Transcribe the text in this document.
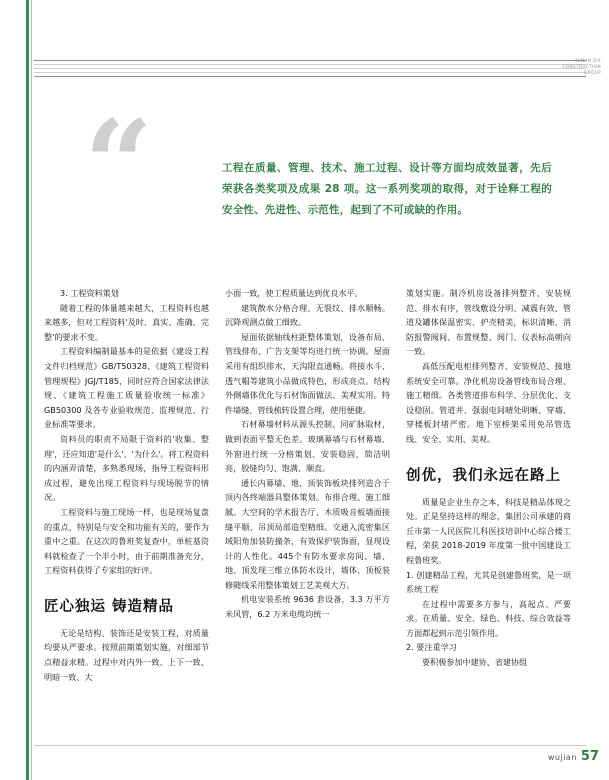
HUNAN SIX
CONSTRUCTION
GROUP
“	工程在质量、管理、技术、施工过程、设计等方面均成效显著，先后荣获各类奖项及成果 28 项。这一系列奖项的取得，对于诠释工程的安全性、先进性、示范性，起到了不可或缺的作用。

3. 工程资料策划

随着工程的体量越来越大，工程资料也越来越多，但对工程资料'及时、真实、准确、完整'的要求不变。

工程资料编制最基本的是依据《建设工程文件归档规范》GB/T50328、《建筑工程资料管理规程》JGJ/T185，同时应符合国家法律法规、《建筑工程施工质量验收统一标准》GB50300 及各专业验收规范、监理规范、行业标准等要求。

资料员的职责不局限于资料的'收集、整理'，还应知道'是什么'、'为什么'。将工程资料的内涵弄清楚，多熟悉现场，指导工程资料形成过程，避免出现工程资料与现场脱节的情况。

工程资料与施工现场一样，也是现场复盘的重点，特别是与安全和功能有关的，要作为重中之重。在这次的鲁班奖复查中，单桩基资料就检查了一个半小时，由于前期准备充分，工程资料获得了专家组的好评。

匠心独运 铸造精品

无论是结构、装饰还是安装工程，对质量均要从严要求。按照前期策划实施，对细部节点精益求精。过程中对内外一致、上下一致、明暗一致、大

小面一致，使工程质量达到优良水平。

建筑散水分格合理、无裂纹、排水顺畅。沉降观测点做工细致。

屋面依据轴线柱距整体策划，设备布局、管线排布、广告支架等均进行统一协调。屋面采用有组织排水，天沟限直通畅。将接水斗、透气帽等建筑小品做成特色，形成亮点。结构外侧墙体优化与石材饰面做法、美观实用。特件墙缝、管线梳转设置合理，使用便捷。

石材幕墙材料从源头控制、同矿脉取材，做到表面平整无色差。玻璃幕墙与石材幕墙、外窗进行统一分格策划、安装稳固，简洁明亮，胶缝均匀、饱满、顺直。

通长内幕墙、地、顶装饰板块排列造合于顶内各终端器具整体策划。布排合理、施工细腻。大空间的学术报告厅、木质吸音板墙面接缝平顺、吊顶局部造型精细。交通入流密集区域阳角加装防撞条，有效保护装饰面，显现设计的人性化。445个有防水要求房间、墙、地、顶发现三维立体防水设计，墙体、顶板装修随线采用整体策划工艺美观大方。

机电安装系统 9636 套设备，3.3 万平方米风管，6.2 万米电缆均统一

策划实施。制冷机房设备排列整齐、安装规范、排水有序，管线敷设分明、减震有效、管道及罐体保温密实、护壳精美，标识清晰、消防报警阀间、布置规整、阀门、仪表标高朝向一致。

高低压配电柜排列整齐、安装规范、接地系统安全可靠。净化机房设备管线布局合理、施工精细。各类管道排布科学、分层优化、支设稳固。管道井、强弱电间晴处明晰、穿墙、穿楼板封堵严密。地下室桥架采用免吊管选线、安全、实用、美观。

创优，我们永远在路上

质量是企业生存之本，科技是精品体现之处。正是坚持这样的理念，集团公司承建的商丘市第一人民医院儿科医技培训中心综合楼工程，荣获 2018-2019 年度第一批中国建设工程鲁班奖。

1. 创建精品工程，尤其是创建鲁班奖，是一项系统工程

在过程中需要多方参与，高起点、严要求。在质量、安全、绿色、科技、综合效益等方面都起到示范引领作用。

2. 要注重学习

要积极参加中建协、省建协组

wujian 57
